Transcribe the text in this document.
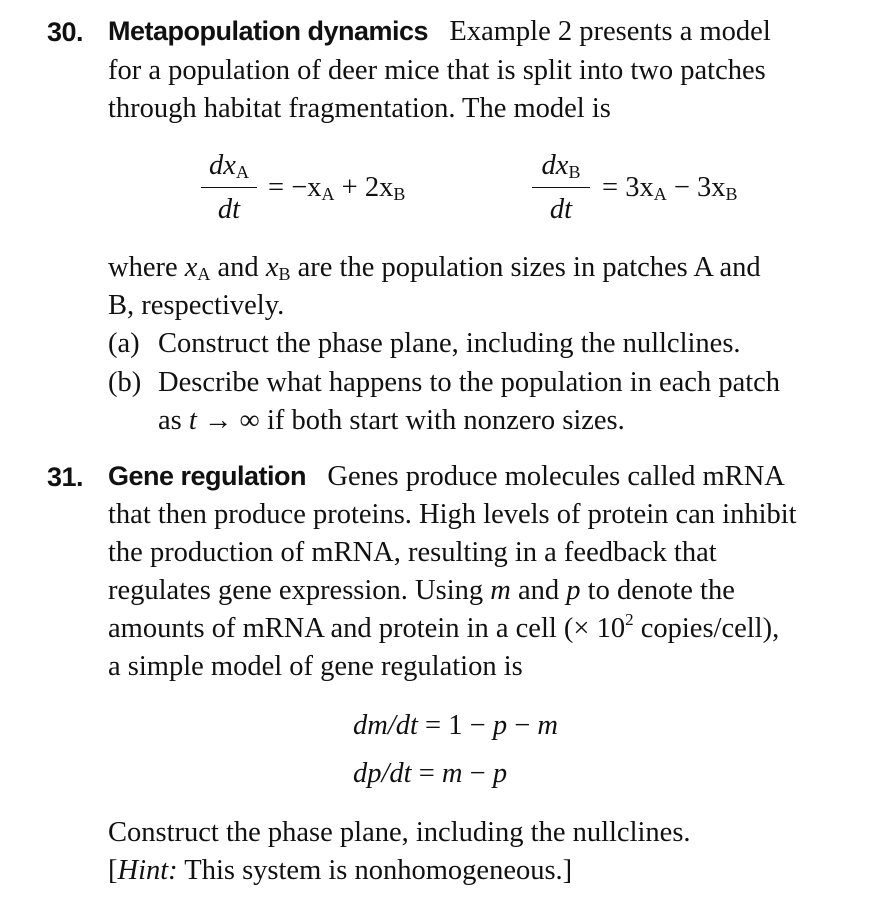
30. Metapopulation dynamics Example 2 presents a model
for a population of deer mice that is split into two patches
through habitat fragmentation. The model is
$dx_A$
dt
= $-x_A + 2x_B$
$dx_B$
dt
= $3x_A - 3x_B$
where $x_A$ and $x_B$ are the population sizes in patches A and
B, respectively.
(a) Construct the phase plane, including the nullclines.
(b) Describe what happens to the population in each patch
as t → ∞ if both start with nonzero sizes.
31. Gene regulation Genes produce molecules called mRNA
that then produce proteins. High levels of protein can inhibit
the production of mRNA, resulting in a feedback that
regulates gene expression. Using m and p to denote the
amounts of mRNA and protein in a cell (× $10^2$ copies/cell),
a simple model of gene regulation is
dm/dt = 1 − p − m
dp/dt = m − p
Construct the phase plane, including the nullclines.
[Hint: This system is nonhomogeneous.]
